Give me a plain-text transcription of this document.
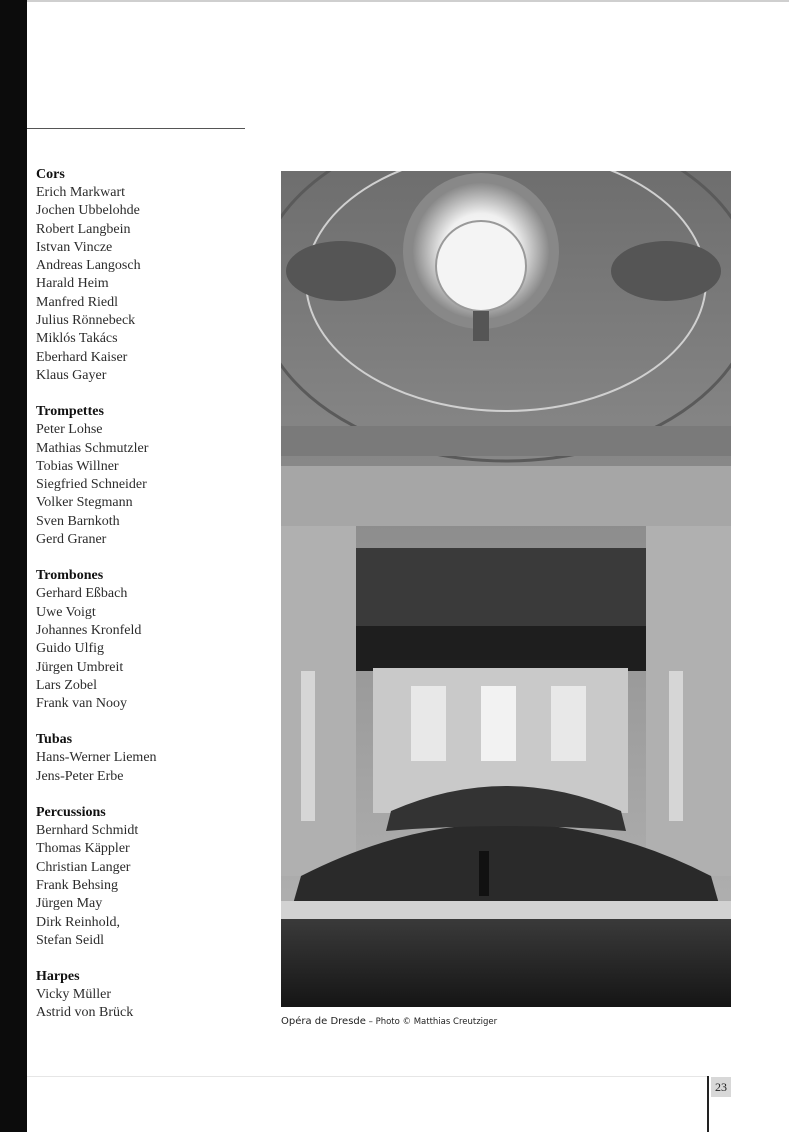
Cors
Erich Markwart
Jochen Ubbelohde
Robert Langbein
Istvan Vincze
Andreas Langosch
Harald Heim
Manfred Riedl
Julius Rönnebeck
Miklós Takács
Eberhard Kaiser
Klaus Gayer
Trompettes
Peter Lohse
Mathias Schmutzler
Tobias Willner
Siegfried Schneider
Volker Stegmann
Sven Barnkoth
Gerd Graner
Trombones
Gerhard Eßbach
Uwe Voigt
Johannes Kronfeld
Guido Ulfig
Jürgen Umbreit
Lars Zobel
Frank van Nooy
Tubas
Hans-Werner Liemen
Jens-Peter Erbe
Percussions
Bernhard Schmidt
Thomas Käppler
Christian Langer
Frank Behsing
Jürgen May
Dirk Reinhold,
Stefan Seidl
Harpes
Vicky Müller
Astrid von Brück
Opéra de Dresde – Photo © Matthias Creutziger
23
